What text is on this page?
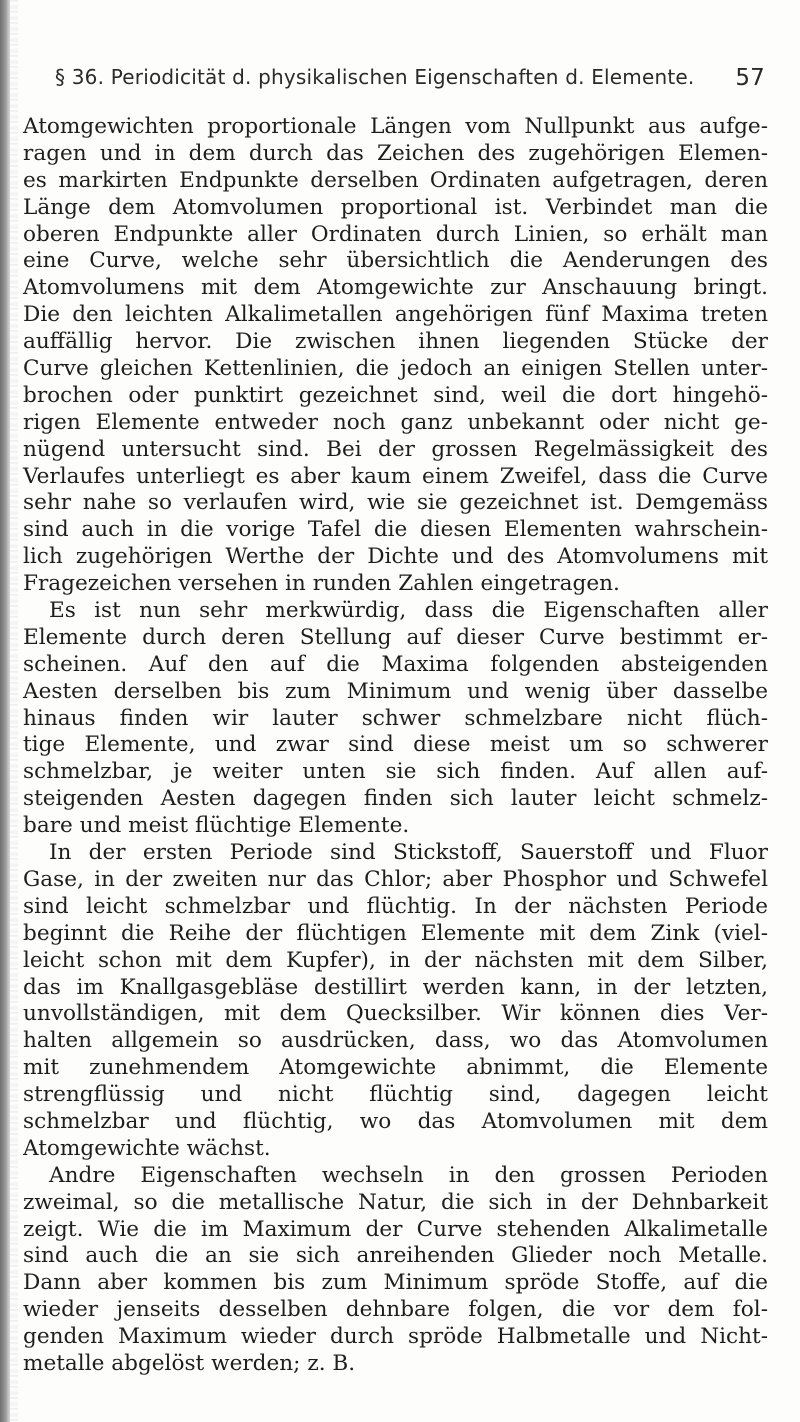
§ 36. Periodicität d. physikalischen Eigenschaften d. Elemente. 57
Atomgewichten proportionale Längen vom Nullpunkt aus aufge-
ragen und in dem durch das Zeichen des zugehörigen Elemen-
es markirten Endpunkte derselben Ordinaten aufgetragen, deren
Länge dem Atomvolumen proportional ist. Verbindet man die
oberen Endpunkte aller Ordinaten durch Linien, so erhält man
eine Curve, welche sehr übersichtlich die Aenderungen des
Atomvolumens mit dem Atomgewichte zur Anschauung bringt.
Die den leichten Alkalimetallen angehörigen fünf Maxima treten
auffällig hervor. Die zwischen ihnen liegenden Stücke der
Curve gleichen Kettenlinien, die jedoch an einigen Stellen unter-
brochen oder punktirt gezeichnet sind, weil die dort hingehö-
rigen Elemente entweder noch ganz unbekannt oder nicht ge-
nügend untersucht sind. Bei der grossen Regelmässigkeit des
Verlaufes unterliegt es aber kaum einem Zweifel, dass die Curve
sehr nahe so verlaufen wird, wie sie gezeichnet ist. Demgemäss
sind auch in die vorige Tafel die diesen Elementen wahrschein-
lich zugehörigen Werthe der Dichte und des Atomvolumens mit
Fragezeichen versehen in runden Zahlen eingetragen.
Es ist nun sehr merkwürdig, dass die Eigenschaften aller
Elemente durch deren Stellung auf dieser Curve bestimmt er-
scheinen. Auf den auf die Maxima folgenden absteigenden
Aesten derselben bis zum Minimum und wenig über dasselbe
hinaus finden wir lauter schwer schmelzbare nicht flüch-
tige Elemente, und zwar sind diese meist um so schwerer
schmelzbar, je weiter unten sie sich finden. Auf allen auf-
steigenden Aesten dagegen finden sich lauter leicht schmelz-
bare und meist flüchtige Elemente.
In der ersten Periode sind Stickstoff, Sauerstoff und Fluor
Gase, in der zweiten nur das Chlor; aber Phosphor und Schwefel
sind leicht schmelzbar und flüchtig. In der nächsten Periode
beginnt die Reihe der flüchtigen Elemente mit dem Zink (viel-
leicht schon mit dem Kupfer), in der nächsten mit dem Silber,
das im Knallgasgebläse destillirt werden kann, in der letzten,
unvollständigen, mit dem Quecksilber. Wir können dies Ver-
halten allgemein so ausdrücken, dass, wo das Atomvolumen
mit zunehmendem Atomgewichte abnimmt, die Elemente
strengflüssig und nicht flüchtig sind, dagegen leicht
schmelzbar und flüchtig, wo das Atomvolumen mit dem
Atomgewichte wächst.
Andre Eigenschaften wechseln in den grossen Perioden
zweimal, so die metallische Natur, die sich in der Dehnbarkeit
zeigt. Wie die im Maximum der Curve stehenden Alkalimetalle
sind auch die an sie sich anreihenden Glieder noch Metalle.
Dann aber kommen bis zum Minimum spröde Stoffe, auf die
wieder jenseits desselben dehnbare folgen, die vor dem fol-
genden Maximum wieder durch spröde Halbmetalle und Nicht-
metalle abgelöst werden; z. B.
